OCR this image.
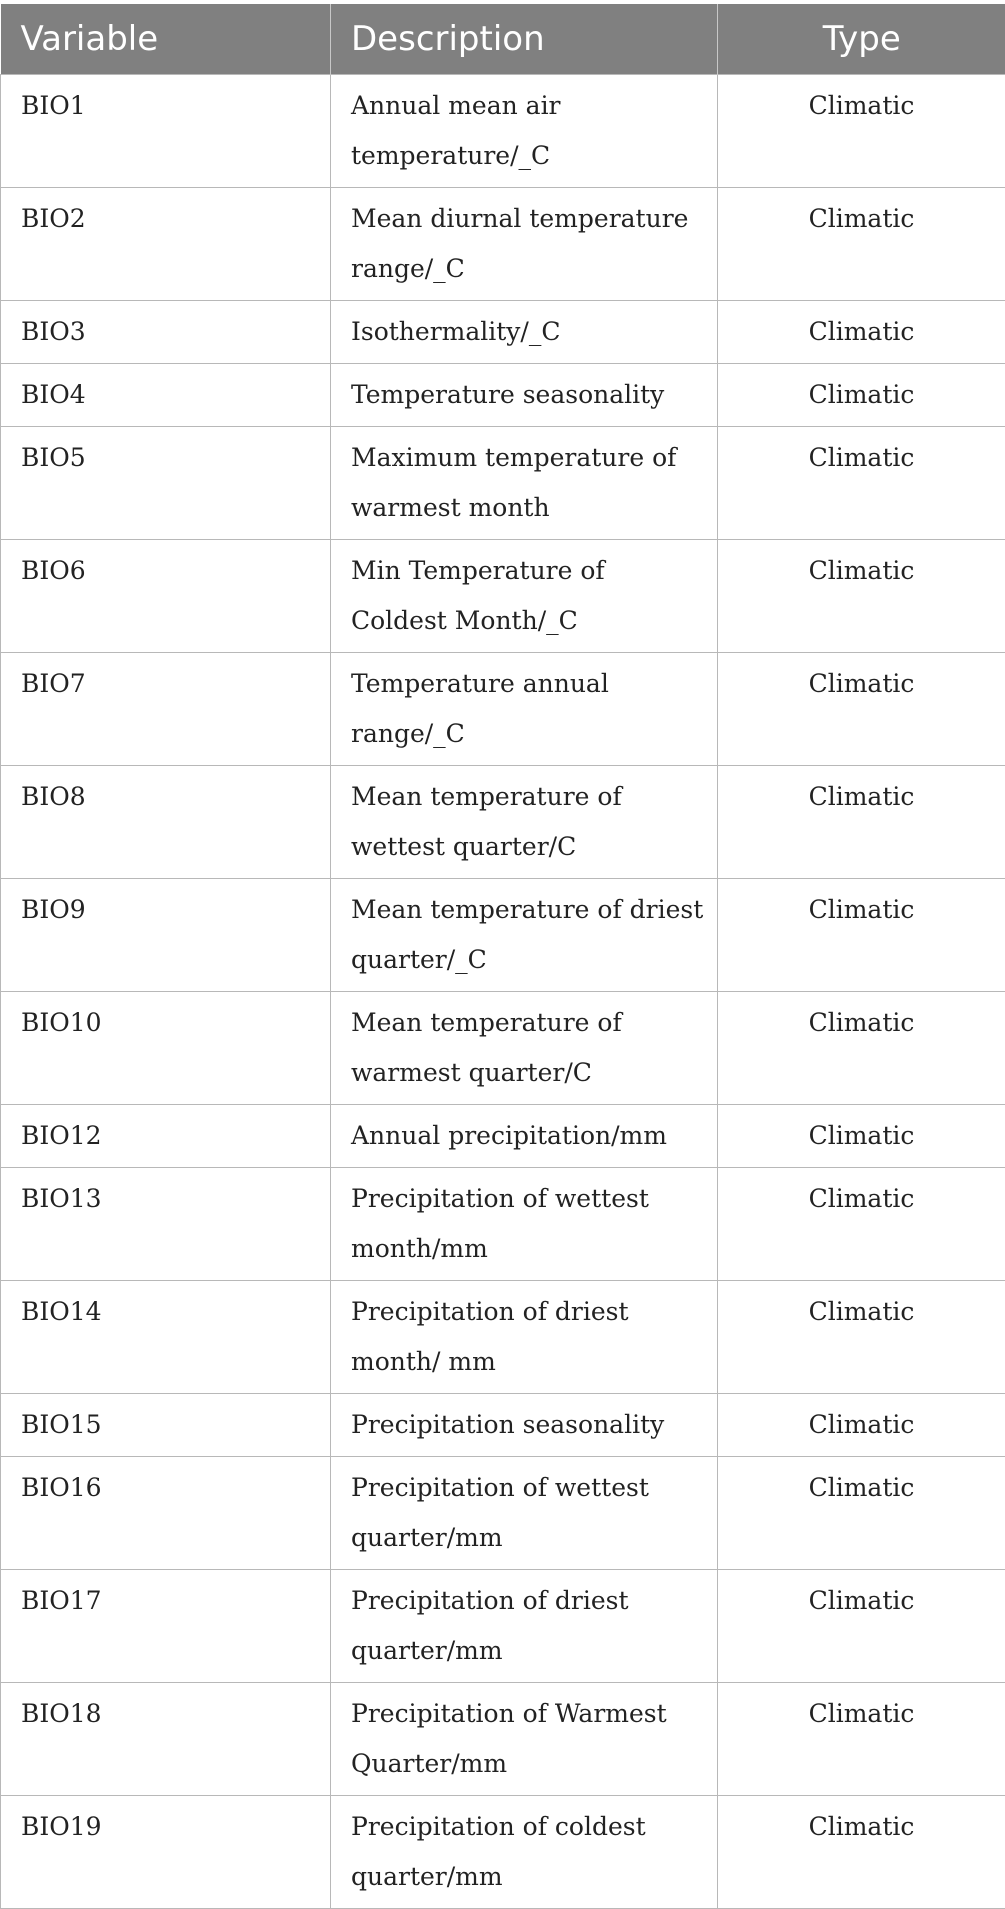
Variable	Description	Type
BIO1	Annual mean air temperature/_C	Climatic
BIO2	Mean diurnal temperature range/_C	Climatic
BIO3	Isothermality/_C	Climatic
BIO4	Temperature seasonality	Climatic
BIO5	Maximum temperature of warmest month	Climatic
BIO6	Min Temperature of Coldest Month/_C	Climatic
BIO7	Temperature annual range/_C	Climatic
BIO8	Mean temperature of wettest quarter/C	Climatic
BIO9	Mean temperature of driest quarter/_C	Climatic
BIO10	Mean temperature of warmest quarter/C	Climatic
BIO12	Annual precipitation/mm	Climatic
BIO13	Precipitation of wettest month/mm	Climatic
BIO14	Precipitation of driest month/ mm	Climatic
BIO15	Precipitation seasonality	Climatic
BIO16	Precipitation of wettest quarter/mm	Climatic
BIO17	Precipitation of driest quarter/mm	Climatic
BIO18	Precipitation of Warmest Quarter/mm	Climatic
BIO19	Precipitation of coldest quarter/mm	Climatic
